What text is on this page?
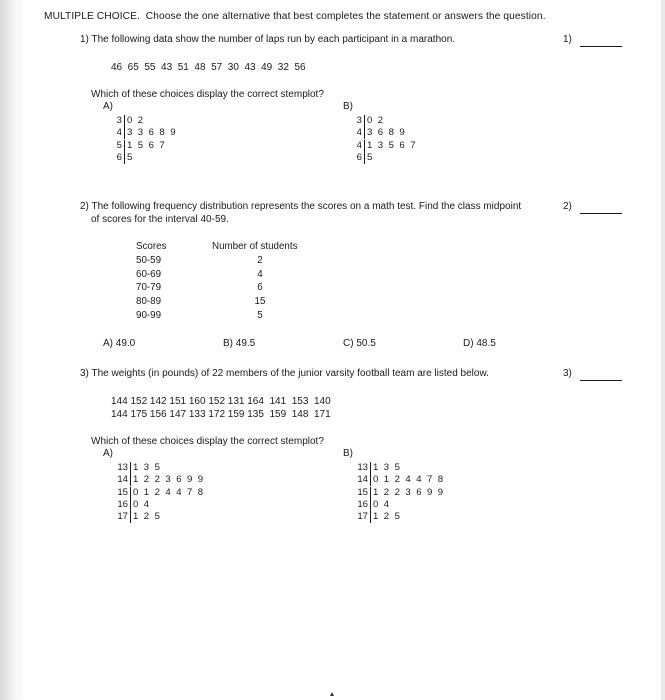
MULTIPLE CHOICE.  Choose the one alternative that best completes the statement or answers the question.
1) The following data show the number of laps run by each participant in a marathon.	1)
46  65  55  43  51  48  57  30  43  49  32  56
Which of these choices display the correct stemplot?
A)	B)
3 0 2
4 3 3 6 8 9
5 1 5 6 7
6 5
3 0 2
4 3 6 8 9
4 1 3 5 6 7
6 5
2) The following frequency distribution represents the scores on a math test. Find the class midpoint
of scores for the interval 40-59.
2)
Scores	Number of students
50-59	2
60-69	4
70-79	6
80-89	15
90-99	5
A) 49.0	B) 49.5	C) 50.5	D) 48.5
3) The weights (in pounds) of 22 members of the junior varsity football team are listed below.	3)
144 152 142 151 160 152 131 164  141  153  140
144 175 156 147 133 172 159 135  159  148  171
Which of these choices display the correct stemplot?
A)	B)
13 1 3 5
14 1 2 2 3 6 9 9
15 0 1 2 4 4 7 8
16 0 4
17 1 2 5
13 1 3 5
14 0 1 2 4 4 7 8
15 1 2 2 3 6 9 9
16 0 4
17 1 2 5
